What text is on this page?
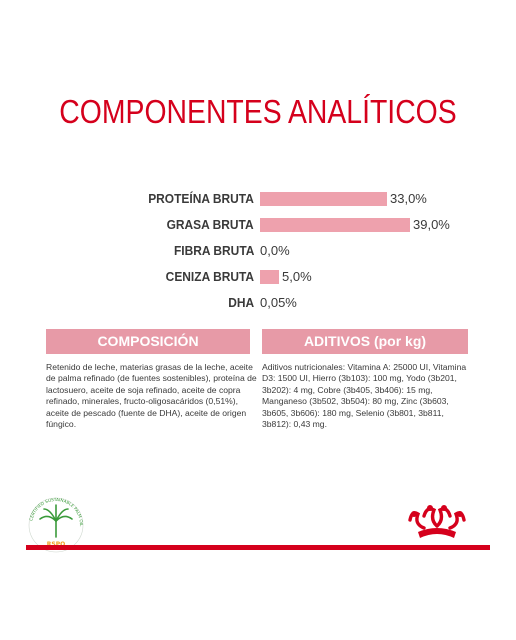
COMPONENTES ANALÍTICOS
PROTEÍNA BRUTA	33,0%
GRASA BRUTA	39,0%
FIBRA BRUTA 0,0%
CENIZA BRUTA 5,0%
DHA 0,05%
COMPOSICIÓN
Retenido de leche, materias grasas de la leche, aceite de palma refinado (de fuentes sostenibles), proteína de lactosuero, aceite de soja refinado, aceite de copra refinado, minerales, fructo-oligosacáridos (0,51%), aceite de pescado (fuente de DHA), aceite de origen fúngico.
ADITIVOS (por kg)
Aditivos nutricionales: Vitamina A: 25000 UI, Vitamina D3: 1500 UI, Hierro (3b103): 100 mg, Yodo (3b201, 3b202): 4 mg, Cobre (3b405, 3b406): 15 mg, Manganeso (3b502, 3b504): 80 mg, Zinc (3b603, 3b605, 3b606): 180 mg, Selenio (3b801, 3b811, 3b812): 0,43 mg.
CERTIFIED SUSTAINABLE PALM OIL
